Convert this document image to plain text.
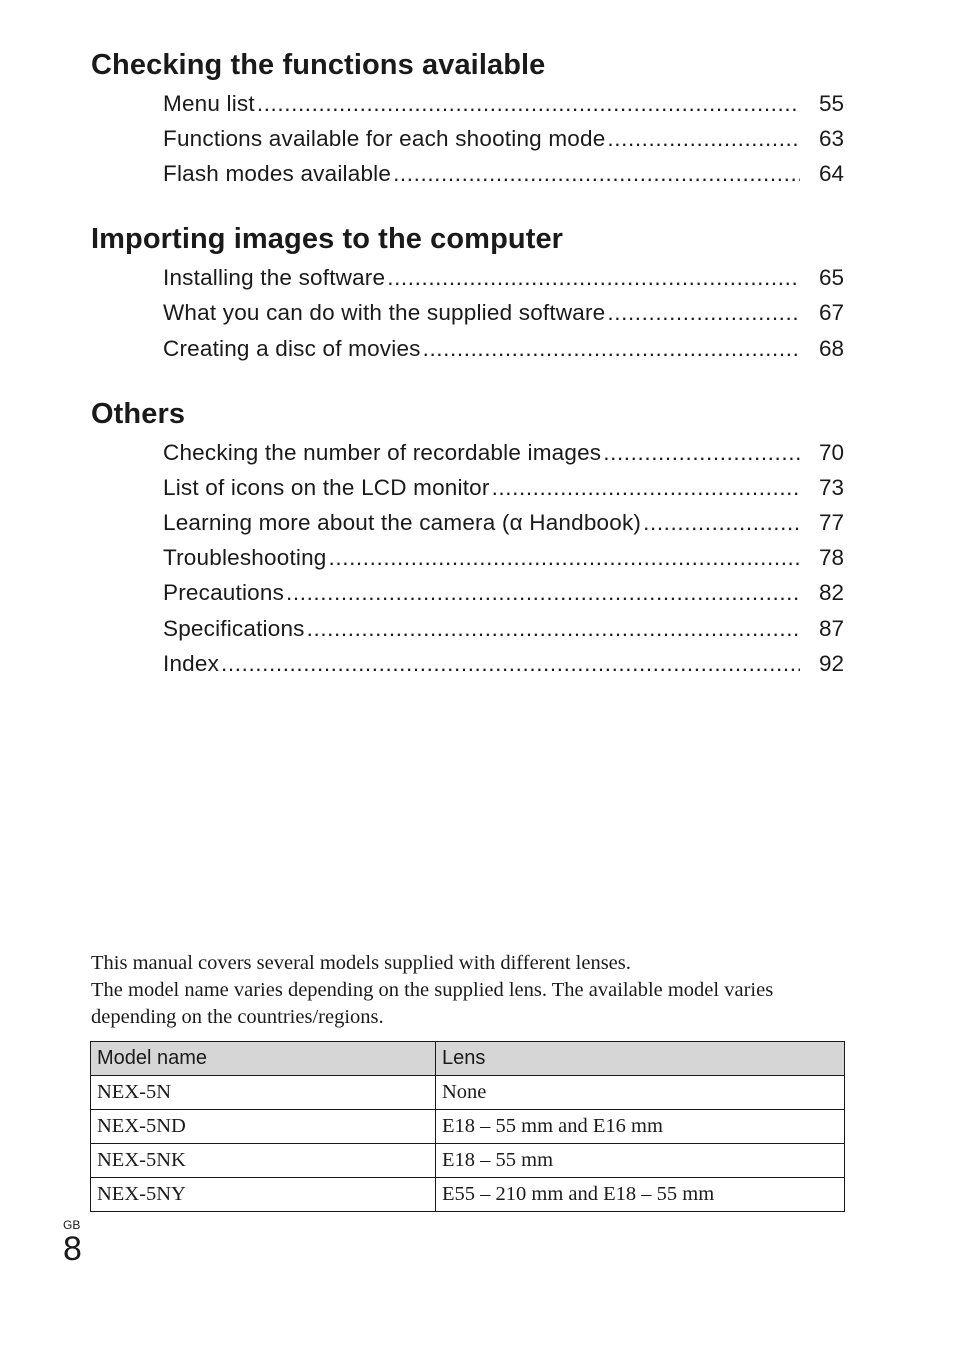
Checking the functions available
Menu list .....	55
Functions available for each shooting mode .....	63
Flash modes available .....	64
Importing images to the computer
Installing the software .....	65
What you can do with the supplied software .....	67
Creating a disc of movies .....	68
Others
Checking the number of recordable images .....	70
List of icons on the LCD monitor .....	73
Learning more about the camera (α Handbook) .....	77
Troubleshooting .....	78
Precautions .....	82
Specifications .....	87
Index .....	92

This manual covers several models supplied with different lenses.

The model name varies depending on the supplied lens. The available model varies depending on the countries/regions.

Model name	Lens
NEX-5N	None
NEX-5ND	E18 – 55 mm and E16 mm
NEX-5NK	E18 – 55 mm
NEX-5NY	E55 – 210 mm and E18 – 55 mm
GB
8
